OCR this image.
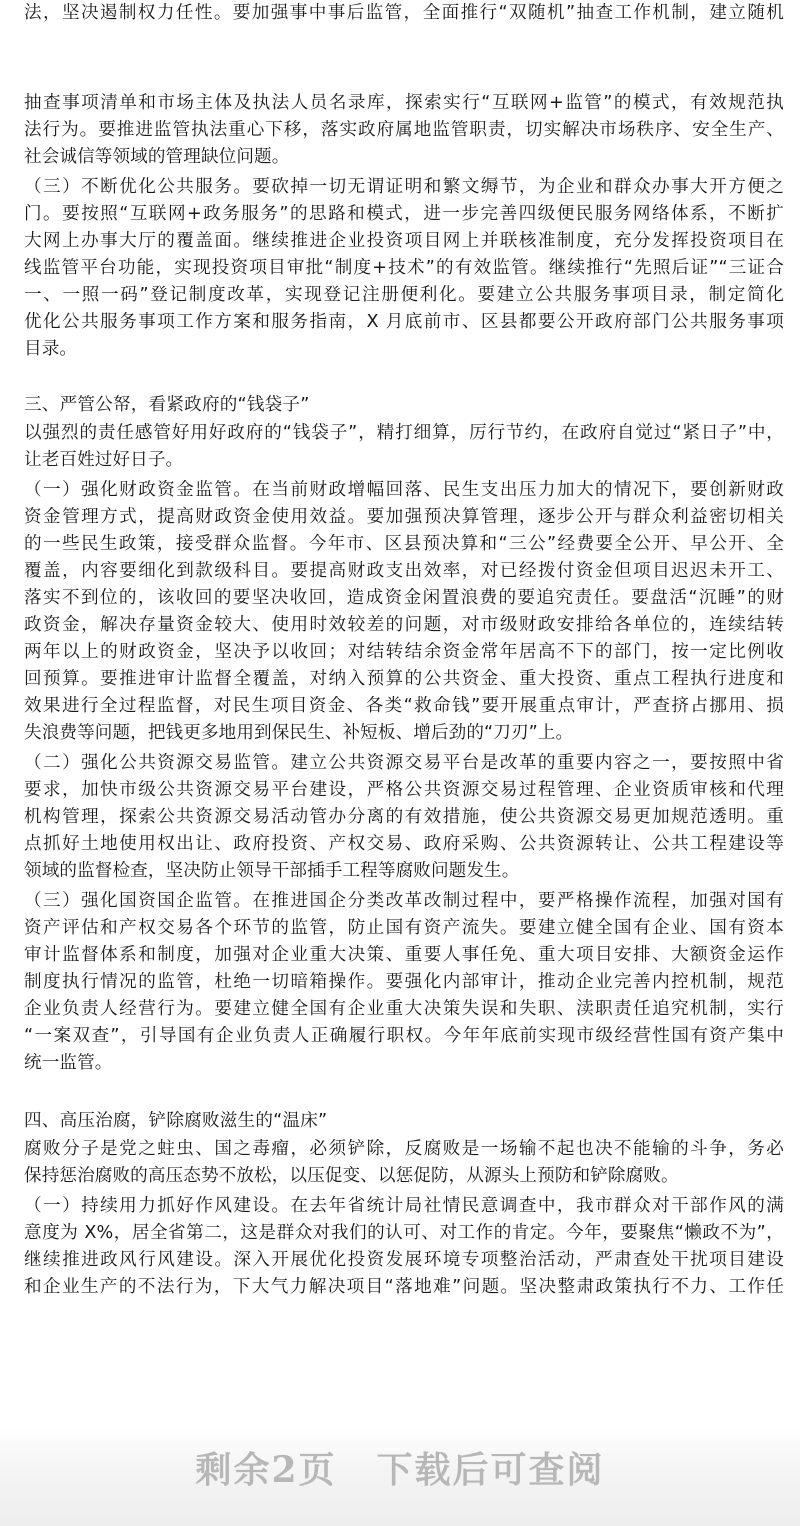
法，坚决遏制权力任性。要加强事中事后监管，全面推行“双随机”抽查工作机制，建立随机
抽查事项清单和市场主体及执法人员名录库，探索实行“互联网+监管”的模式，有效规范执
法行为。要推进监管执法重心下移，落实政府属地监管职责，切实解决市场秩序、安全生产、
社会诚信等领域的管理缺位问题。
（三）不断优化公共服务。要砍掉一切无谓证明和繁文缛节，为企业和群众办事大开方便之
门。要按照“互联网+政务服务”的思路和模式，进一步完善四级便民服务网络体系，不断扩
大网上办事大厅的覆盖面。继续推进企业投资项目网上并联核准制度，充分发挥投资项目在
线监管平台功能，实现投资项目审批“制度+技术”的有效监管。继续推行“先照后证”“三证合
一、一照一码”登记制度改革，实现登记注册便利化。要建立公共服务事项目录，制定简化
优化公共服务事项工作方案和服务指南，X 月底前市、区县都要公开政府部门公共服务事项
目录。
三、严管公帑，看紧政府的“钱袋子”
以强烈的责任感管好用好政府的“钱袋子”，精打细算，厉行节约，在政府自觉过“紧日子”中，
让老百姓过好日子。
（一）强化财政资金监管。在当前财政增幅回落、民生支出压力加大的情况下，要创新财政
资金管理方式，提高财政资金使用效益。要加强预决算管理，逐步公开与群众利益密切相关
的一些民生政策，接受群众监督。今年市、区县预决算和“三公”经费要全公开、早公开、全
覆盖，内容要细化到款级科目。要提高财政支出效率，对已经拨付资金但项目迟迟未开工、
落实不到位的，该收回的要坚决收回，造成资金闲置浪费的要追究责任。要盘活“沉睡”的财
政资金，解决存量资金较大、使用时效较差的问题，对市级财政安排给各单位的，连续结转
两年以上的财政资金，坚决予以收回；对结转结余资金常年居高不下的部门，按一定比例收
回预算。要推进审计监督全覆盖，对纳入预算的公共资金、重大投资、重点工程执行进度和
效果进行全过程监督，对民生项目资金、各类“救命钱”要开展重点审计，严查挤占挪用、损
失浪费等问题，把钱更多地用到保民生、补短板、增后劲的“刀刃”上。
（二）强化公共资源交易监管。建立公共资源交易平台是改革的重要内容之一，要按照中省
要求，加快市级公共资源交易平台建设，严格公共资源交易过程管理、企业资质审核和代理
机构管理，探索公共资源交易活动管办分离的有效措施，使公共资源交易更加规范透明。重
点抓好土地使用权出让、政府投资、产权交易、政府采购、公共资源转让、公共工程建设等
领域的监督检查，坚决防止领导干部插手工程等腐败问题发生。
（三）强化国资国企监管。在推进国企分类改革改制过程中，要严格操作流程，加强对国有
资产评估和产权交易各个环节的监管，防止国有资产流失。要建立健全国有企业、国有资本
审计监督体系和制度，加强对企业重大决策、重要人事任免、重大项目安排、大额资金运作
制度执行情况的监管，杜绝一切暗箱操作。要强化内部审计，推动企业完善内控机制，规范
企业负责人经营行为。要建立健全国有企业重大决策失误和失职、渎职责任追究机制，实行
“一案双查”，引导国有企业负责人正确履行职权。今年年底前实现市级经营性国有资产集中
统一监管。
四、高压治腐，铲除腐败滋生的“温床”
腐败分子是党之蛀虫、国之毒瘤，必须铲除，反腐败是一场输不起也决不能输的斗争，务必
保持惩治腐败的高压态势不放松，以压促变、以惩促防，从源头上预防和铲除腐败。
（一）持续用力抓好作风建设。在去年省统计局社情民意调查中，我市群众对干部作风的满
意度为 X%，居全省第二，这是群众对我们的认可、对工作的肯定。今年，要聚焦“懒政不为”，
继续推进政风行风建设。深入开展优化投资发展环境专项整治活动，严肃查处干扰项目建设
和企业生产的不法行为，下大气力解决项目“落地难”问题。坚决整肃政策执行不力、工作任
剩余2页 下载后可查阅
